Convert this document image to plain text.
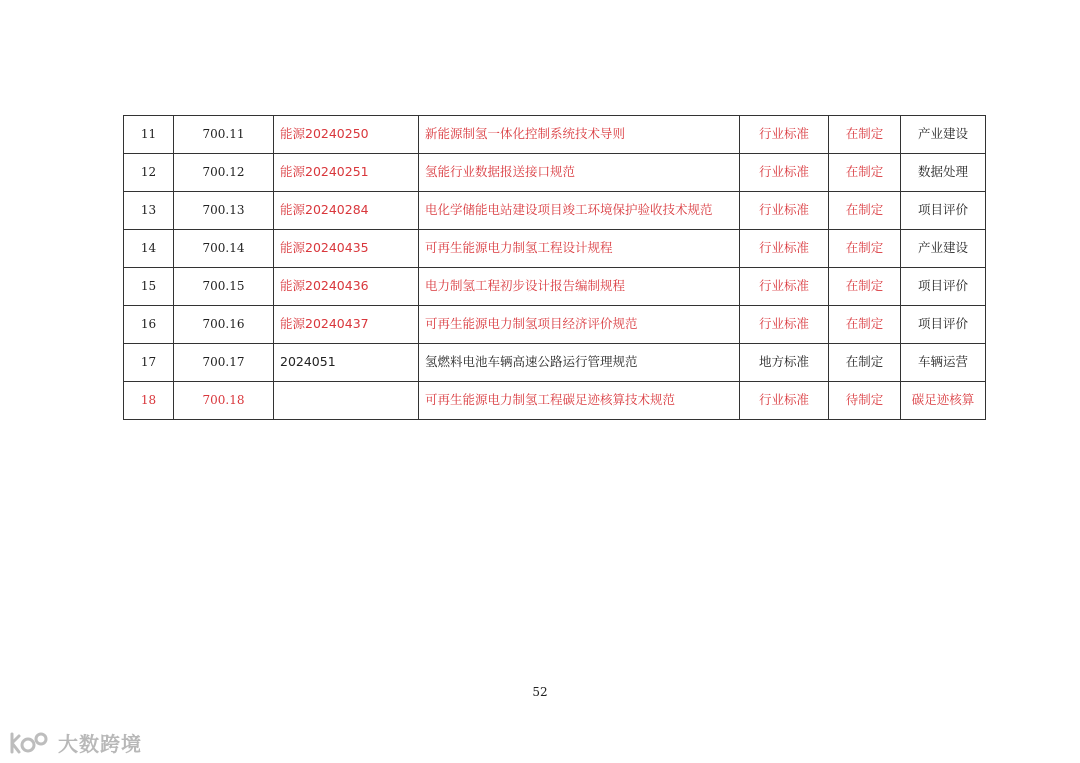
11	700.11	能源20240250	新能源制氢一体化控制系统技术导则	行业标准	在制定	产业建设
12	700.12	能源20240251	氢能行业数据报送接口规范	行业标准	在制定	数据处理
13	700.13	能源20240284	电化学储能电站建设项目竣工环境保护验收技术规范	行业标准	在制定	项目评价
14	700.14	能源20240435	可再生能源电力制氢工程设计规程	行业标准	在制定	产业建设
15	700.15	能源20240436	电力制氢工程初步设计报告编制规程	行业标准	在制定	项目评价
16	700.16	能源20240437	可再生能源电力制氢项目经济评价规范	行业标准	在制定	项目评价
17	700.17	2024051	氢燃料电池车辆高速公路运行管理规范	地方标准	在制定	车辆运营
18	700.18		可再生能源电力制氢工程碳足迹核算技术规范	行业标准	待制定	碳足迹核算
52
大数跨境
